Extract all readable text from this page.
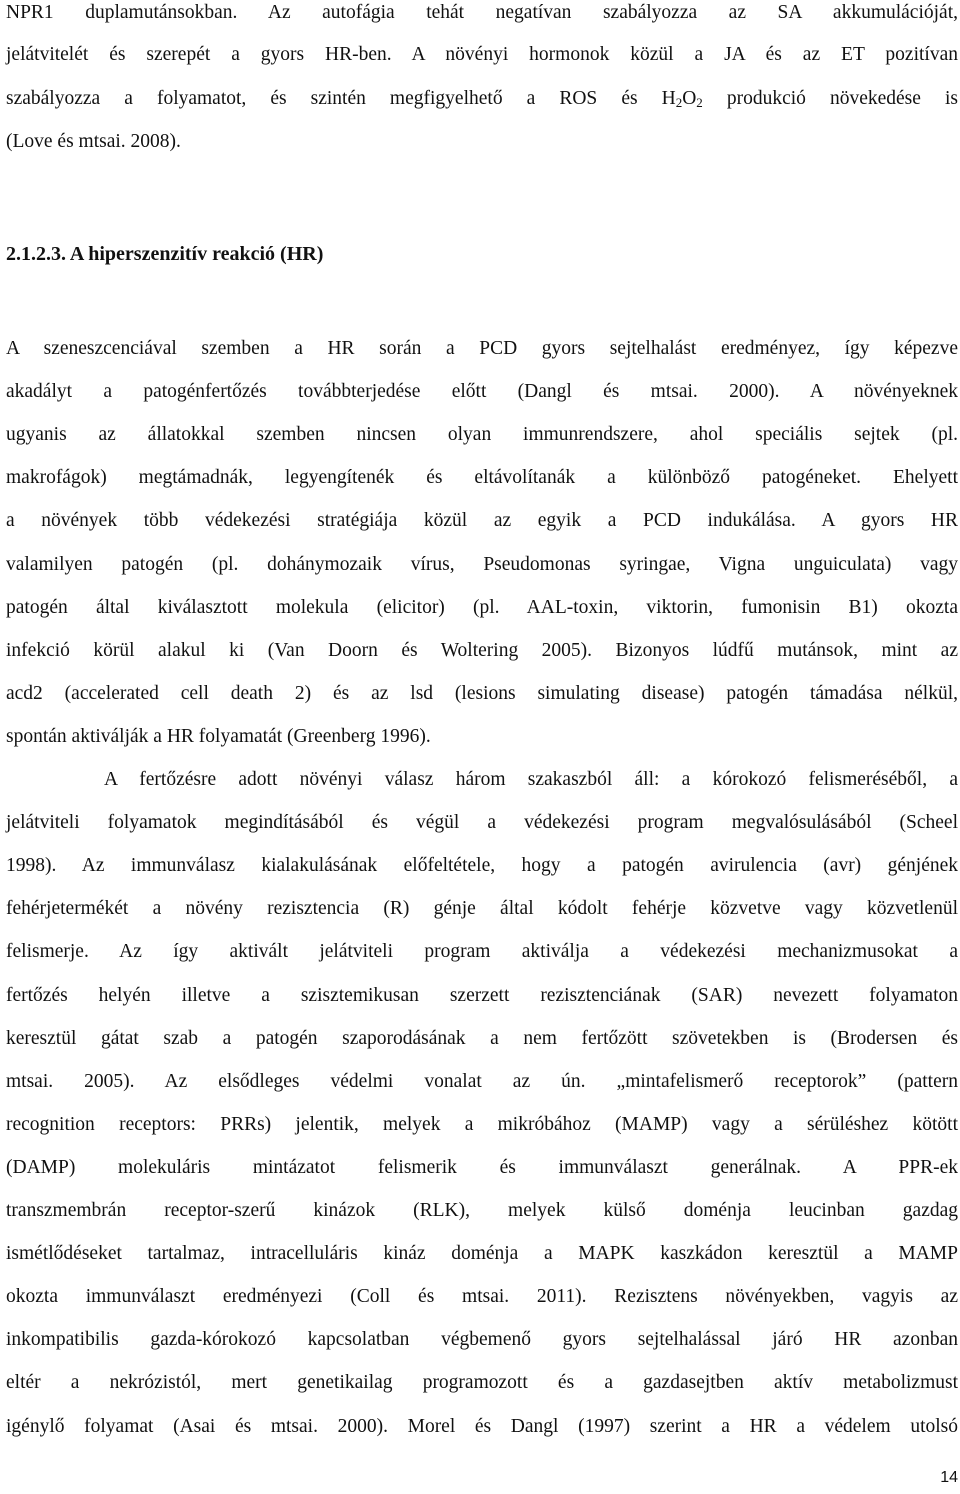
NPR1 duplamutánsokban. Az autofágia tehát negatívan szabályozza az SA akkumulációját,
jelátvitelét és szerepét a gyors HR-ben. A növényi hormonok közül a JA és az ET pozitívan
szabályozza a folyamatot, és szintén megfigyelhető a ROS és $H_2O_2$ produkció növekedése is
(Love és mtsai. 2008).
2.1.2.3. A hiperszenzitív reakció (HR)
A szeneszcenciával szemben a HR során a PCD gyors sejtelhalást eredményez, így képezve
akadályt a patogénfertőzés továbbterjedése előtt (Dangl és mtsai. 2000). A növényeknek
ugyanis az állatokkal szemben nincsen olyan immunrendszere, ahol speciális sejtek (pl.
makrofágok) megtámadnák, legyengítenék és eltávolítanák a különböző patogéneket. Ehelyett
a növények több védekezési stratégiája közül az egyik a PCD indukálása. A gyors HR
valamilyen patogén (pl. dohánymozaik vírus, Pseudomonas syringae, Vigna unguiculata) vagy
patogén által kiválasztott molekula (elicitor) (pl. AAL-toxin, viktorin, fumonisin B1) okozta
infekció körül alakul ki (Van Doorn és Woltering 2005). Bizonyos lúdfű mutánsok, mint az
acd2 (accelerated cell death 2) és az lsd (lesions simulating disease) patogén támadása nélkül,
spontán aktiválják a HR folyamatát (Greenberg 1996).
A fertőzésre adott növényi válasz három szakaszból áll: a kórokozó felismeréséből, a
jelátviteli folyamatok megindításából és végül a védekezési program megvalósulásából (Scheel
1998). Az immunválasz kialakulásának előfeltétele, hogy a patogén avirulencia (avr) génjének
fehérjetermékét a növény rezisztencia (R) génje által kódolt fehérje közvetve vagy közvetlenül
felismerje. Az így aktivált jelátviteli program aktiválja a védekezési mechanizmusokat a
fertőzés helyén illetve a szisztemikusan szerzett rezisztenciának (SAR) nevezett folyamaton
keresztül gátat szab a patogén szaporodásának a nem fertőzött szövetekben is (Brodersen és
mtsai. 2005). Az elsődleges védelmi vonalat az ún. „mintafelismerő receptorok” (pattern
recognition receptors: PRRs) jelentik, melyek a mikróbához (MAMP) vagy a sérüléshez kötött
(DAMP) molekuláris mintázatot felismerik és immunválaszt generálnak. A PPR-ek
transzmembrán receptor-szerű kinázok (RLK), melyek külső doménja leucinban gazdag
ismétlődéseket tartalmaz, intracelluláris kináz doménja a MAPK kaszkádon keresztül a MAMP
okozta immunválaszt eredményezi (Coll és mtsai. 2011). Rezisztens növényekben, vagyis az
inkompatibilis gazda-kórokozó kapcsolatban végbemenő gyors sejtelhalással járó HR azonban
eltér a nekrózistól, mert genetikailag programozott és a gazdasejtben aktív metabolizmust
igénylő folyamat (Asai és mtsai. 2000). Morel és Dangl (1997) szerint a HR a védelem utolsó
14
